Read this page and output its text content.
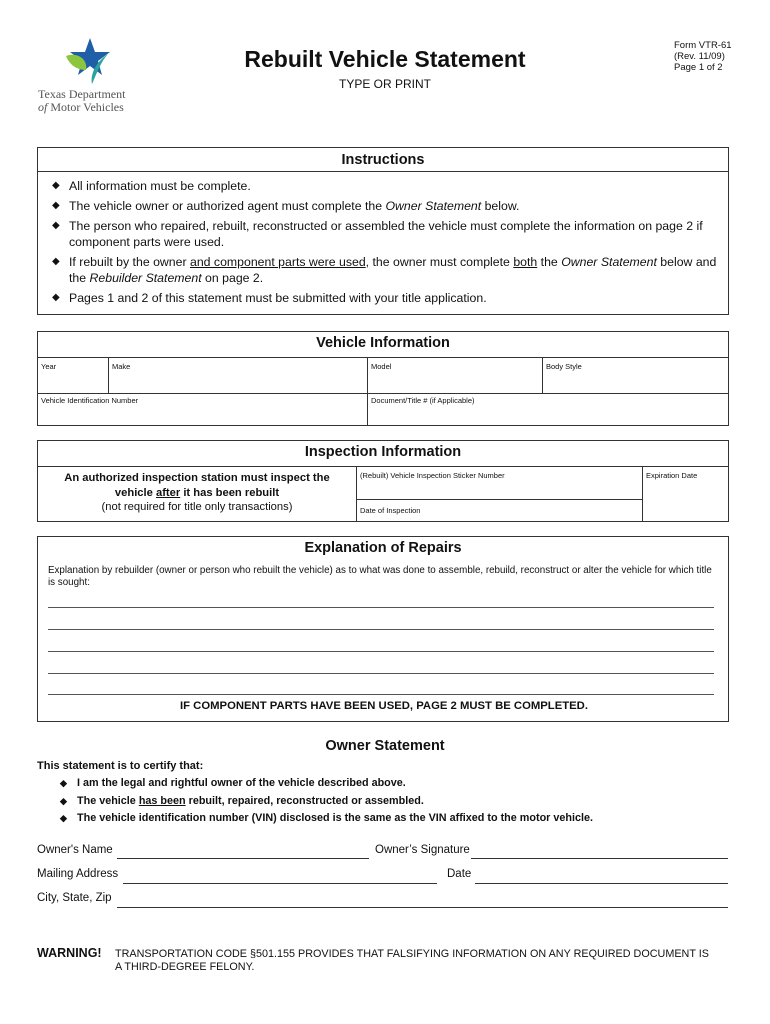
Texas Department
of Motor Vehicles
Rebuilt Vehicle Statement
TYPE OR PRINT
Form VTR-61
(Rev. 11/09)
Page 1 of 2
Instructions
◆ All information must be complete.
◆ The vehicle owner or authorized agent must complete the Owner Statement below.
◆ The person who repaired, rebuilt, reconstructed or assembled the vehicle must complete the information on page 2 if component parts were used.
◆ If rebuilt by the owner and component parts were used, the owner must complete both the Owner Statement below and the Rebuilder Statement on page 2.
◆ Pages 1 and 2 of this statement must be submitted with your title application.
Vehicle Information
Year	Make	Model	Body Style
Vehicle Identification Number	Document/Title # (if Applicable)
Inspection Information
An authorized inspection station must inspect the
vehicle after it has been rebuilt
(not required for title only transactions)
(Rebuilt) Vehicle Inspection Sticker Number	Expiration Date
Date of Inspection
Explanation of Repairs
Explanation by rebuilder (owner or person who rebuilt the vehicle) as to what was done to assemble, rebuild, reconstruct or alter the vehicle for which title is sought:
IF COMPONENT PARTS HAVE BEEN USED, PAGE 2 MUST BE COMPLETED.
Owner Statement
This statement is to certify that:
◆ I am the legal and rightful owner of the vehicle described above.
◆ The vehicle has been rebuilt, repaired, reconstructed or assembled.
◆ The vehicle identification number (VIN) disclosed is the same as the VIN affixed to the motor vehicle.
Owner's Name	Owner’s Signature
Mailing Address	Date
City, State, Zip
WARNING! TRANSPORTATION CODE §501.155 PROVIDES THAT FALSIFYING INFORMATION ON ANY REQUIRED DOCUMENT IS A THIRD-DEGREE FELONY.
